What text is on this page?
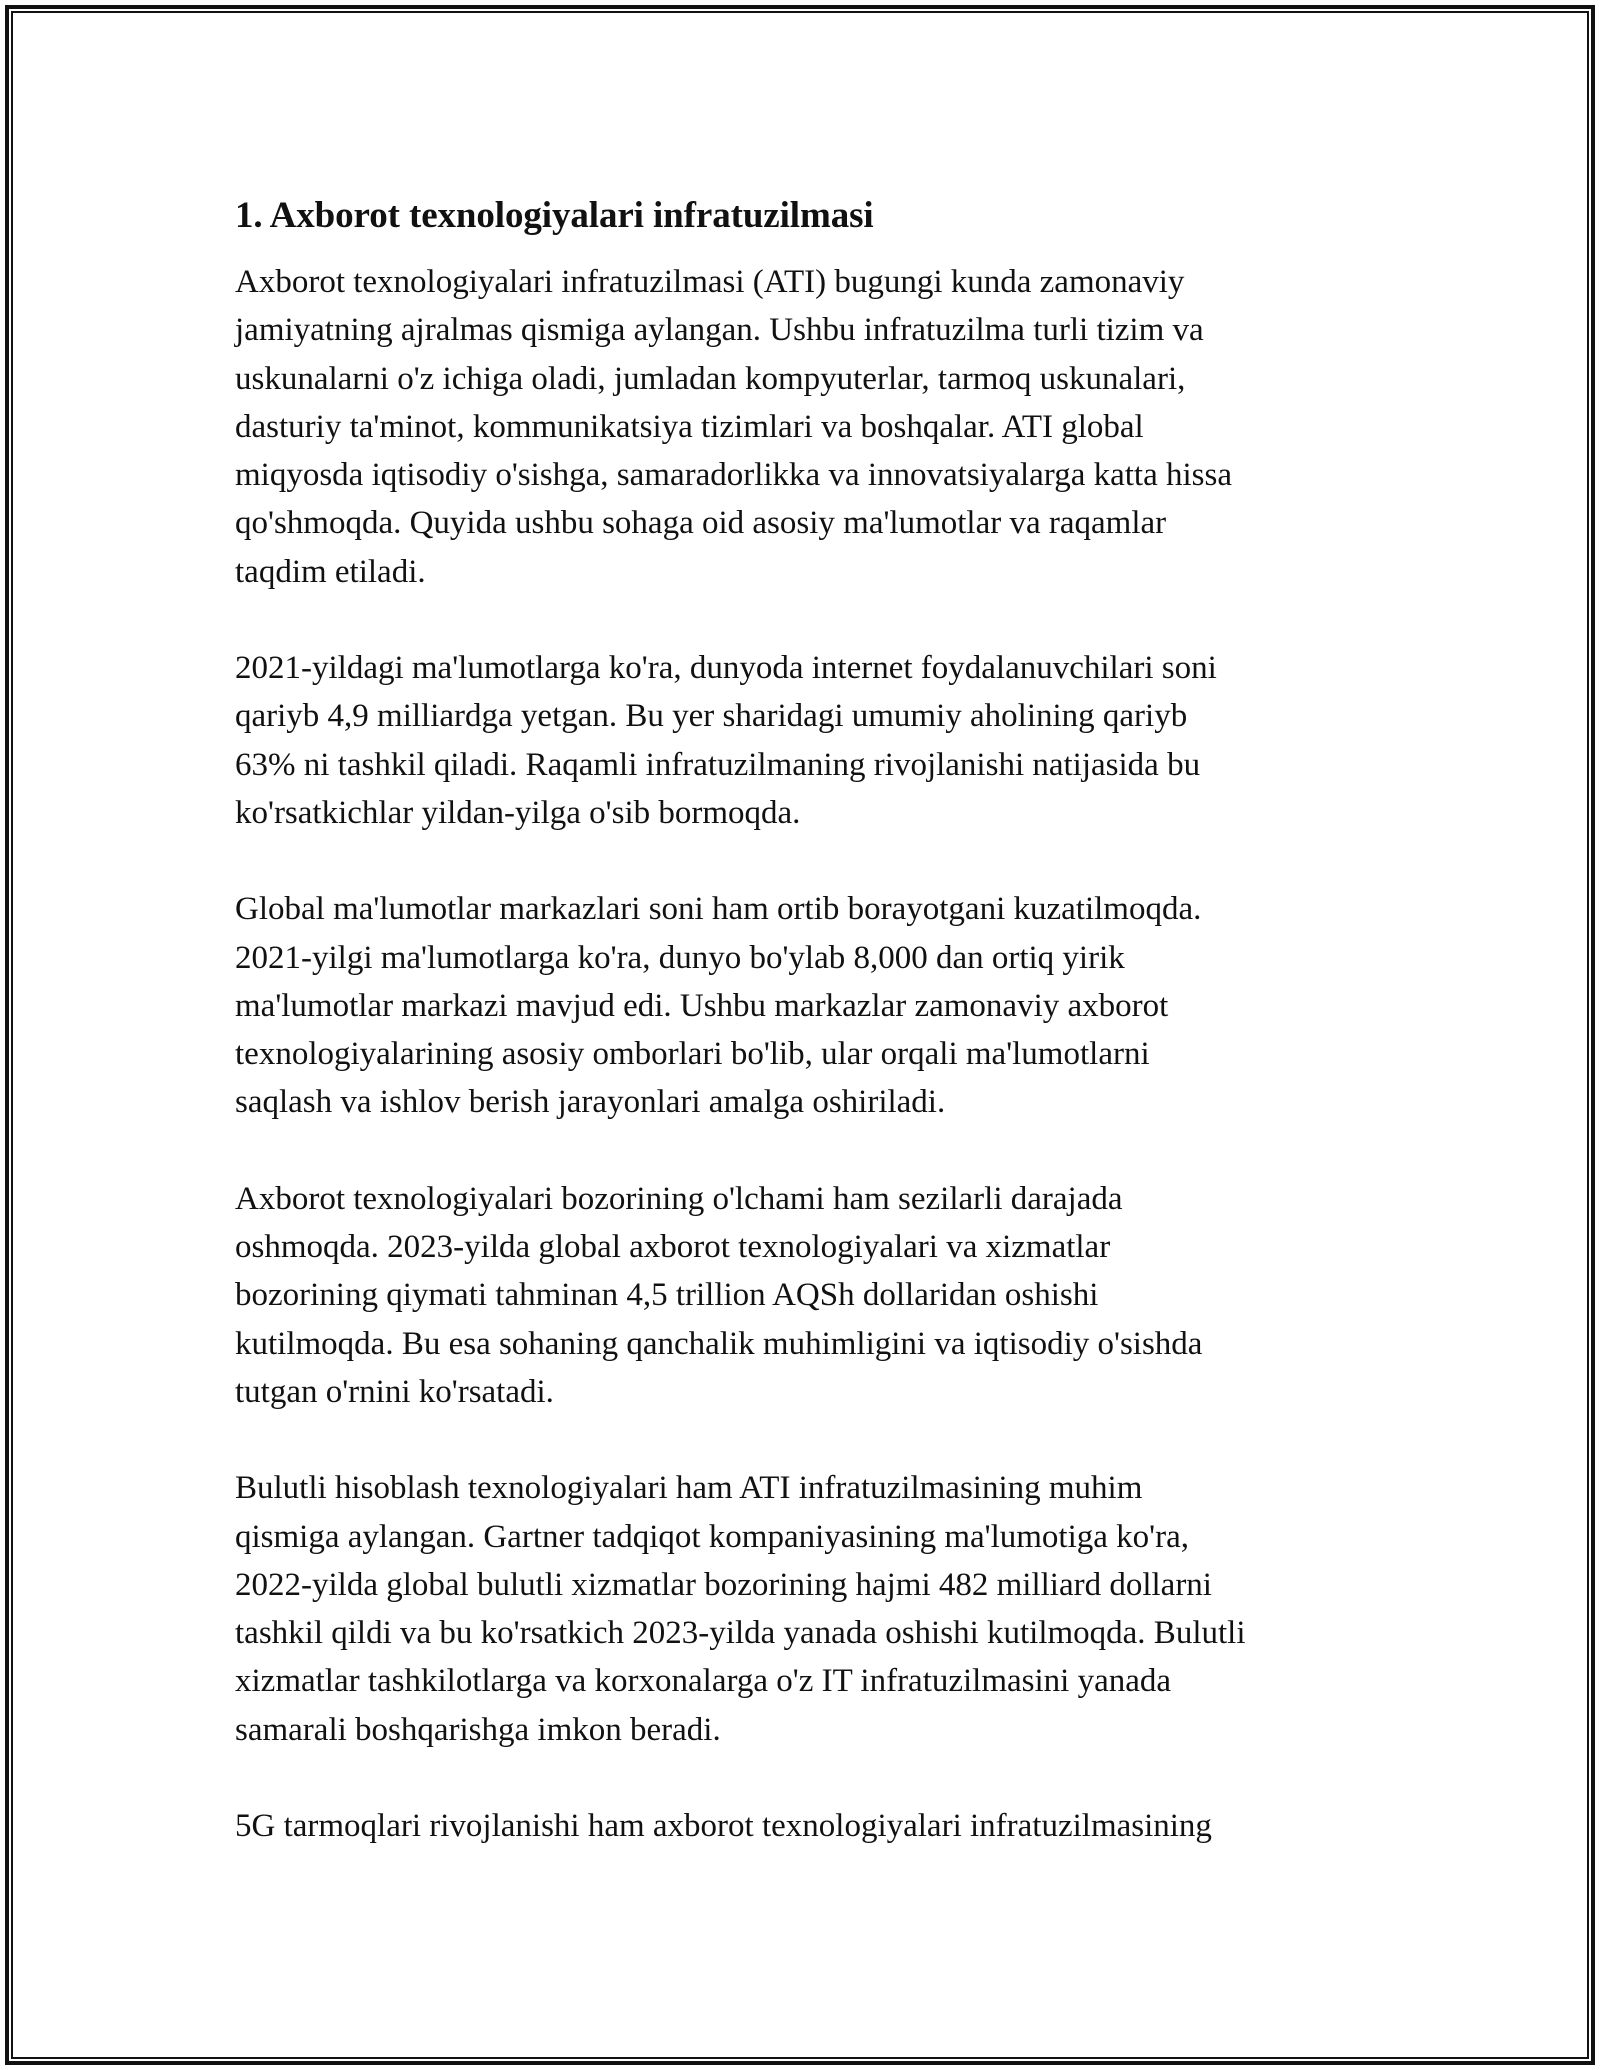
1. Axborot texnologiyalari infratuzilmasi

Axborot texnologiyalari infratuzilmasi (ATI) bugungi kunda zamonaviy
jamiyatning ajralmas qismiga aylangan. Ushbu infratuzilma turli tizim va
uskunalarni o'z ichiga oladi, jumladan kompyuterlar, tarmoq uskunalari,
dasturiy ta'minot, kommunikatsiya tizimlari va boshqalar. ATI global
miqyosda iqtisodiy o'sishga, samaradorlikka va innovatsiyalarga katta hissa
qo'shmoqda. Quyida ushbu sohaga oid asosiy ma'lumotlar va raqamlar
taqdim etiladi.

2021-yildagi ma'lumotlarga ko'ra, dunyoda internet foydalanuvchilari soni
qariyb 4,9 milliardga yetgan. Bu yer sharidagi umumiy aholining qariyb
63% ni tashkil qiladi. Raqamli infratuzilmaning rivojlanishi natijasida bu
ko'rsatkichlar yildan-yilga o'sib bormoqda.

Global ma'lumotlar markazlari soni ham ortib borayotgani kuzatilmoqda.
2021-yilgi ma'lumotlarga ko'ra, dunyo bo'ylab 8,000 dan ortiq yirik
ma'lumotlar markazi mavjud edi. Ushbu markazlar zamonaviy axborot
texnologiyalarining asosiy omborlari bo'lib, ular orqali ma'lumotlarni
saqlash va ishlov berish jarayonlari amalga oshiriladi.

Axborot texnologiyalari bozorining o'lchami ham sezilarli darajada
oshmoqda. 2023-yilda global axborot texnologiyalari va xizmatlar
bozorining qiymati tahminan 4,5 trillion AQSh dollaridan oshishi
kutilmoqda. Bu esa sohaning qanchalik muhimligini va iqtisodiy o'sishda
tutgan o'rnini ko'rsatadi.

Bulutli hisoblash texnologiyalari ham ATI infratuzilmasining muhim
qismiga aylangan. Gartner tadqiqot kompaniyasining ma'lumotiga ko'ra,
2022-yilda global bulutli xizmatlar bozorining hajmi 482 milliard dollarni
tashkil qildi va bu ko'rsatkich 2023-yilda yanada oshishi kutilmoqda. Bulutli
xizmatlar tashkilotlarga va korxonalarga o'z IT infratuzilmasini yanada
samarali boshqarishga imkon beradi.

5G tarmoqlari rivojlanishi ham axborot texnologiyalari infratuzilmasining
